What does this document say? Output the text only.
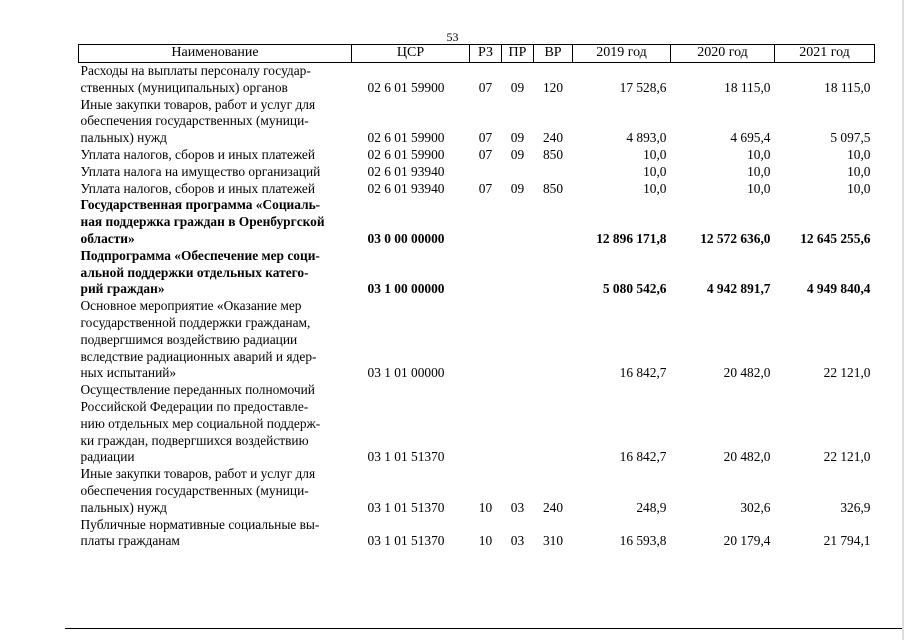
53
Наименование	ЦСР	РЗ	ПР	ВР	2019 год	2020 год	2021 год

Расходы на выплаты персоналу государ-
ственных (муниципальных) органов	02 6 01 59900	07	09	120	17 528,6	18 115,0	18 115,0

Иные закупки товаров, работ и услуг для
обеспечения государственных (муници-
пальных) нужд	02 6 01 59900	07	09	240	4 893,0	4 695,4	5 097,5

Уплата налогов, сборов и иных платежей	02 6 01 59900	07	09	850	10,0	10,0	10,0

Уплата налога на имущество организаций	02 6 01 93940				10,0	10,0	10,0

Уплата налогов, сборов и иных платежей	02 6 01 93940	07	09	850	10,0	10,0	10,0

Государственная программа «Социаль-
ная поддержка граждан в Оренбургской
области»	03 0 00 00000				12 896 171,8	12 572 636,0	12 645 255,6

Подпрограмма «Обеспечение мер соци-
альной поддержки отдельных катего-
рий граждан»	03 1 00 00000				5 080 542,6	4 942 891,7	4 949 840,4

Основное мероприятие «Оказание мер
государственной поддержки гражданам,
подвергшимся воздействию радиации
вследствие радиационных аварий и ядер-
ных испытаний»	03 1 01 00000				16 842,7	20 482,0	22 121,0

Осуществление переданных полномочий
Российской Федерации по предоставле-
нию отдельных мер социальной поддерж-
ки граждан, подвергшихся воздействию
радиации	03 1 01 51370				16 842,7	20 482,0	22 121,0

Иные закупки товаров, работ и услуг для
обеспечения государственных (муници-
пальных) нужд	03 1 01 51370	10	03	240	248,9	302,6	326,9

Публичные нормативные социальные вы-
платы гражданам	03 1 01 51370	10	03	310	16 593,8	20 179,4	21 794,1
